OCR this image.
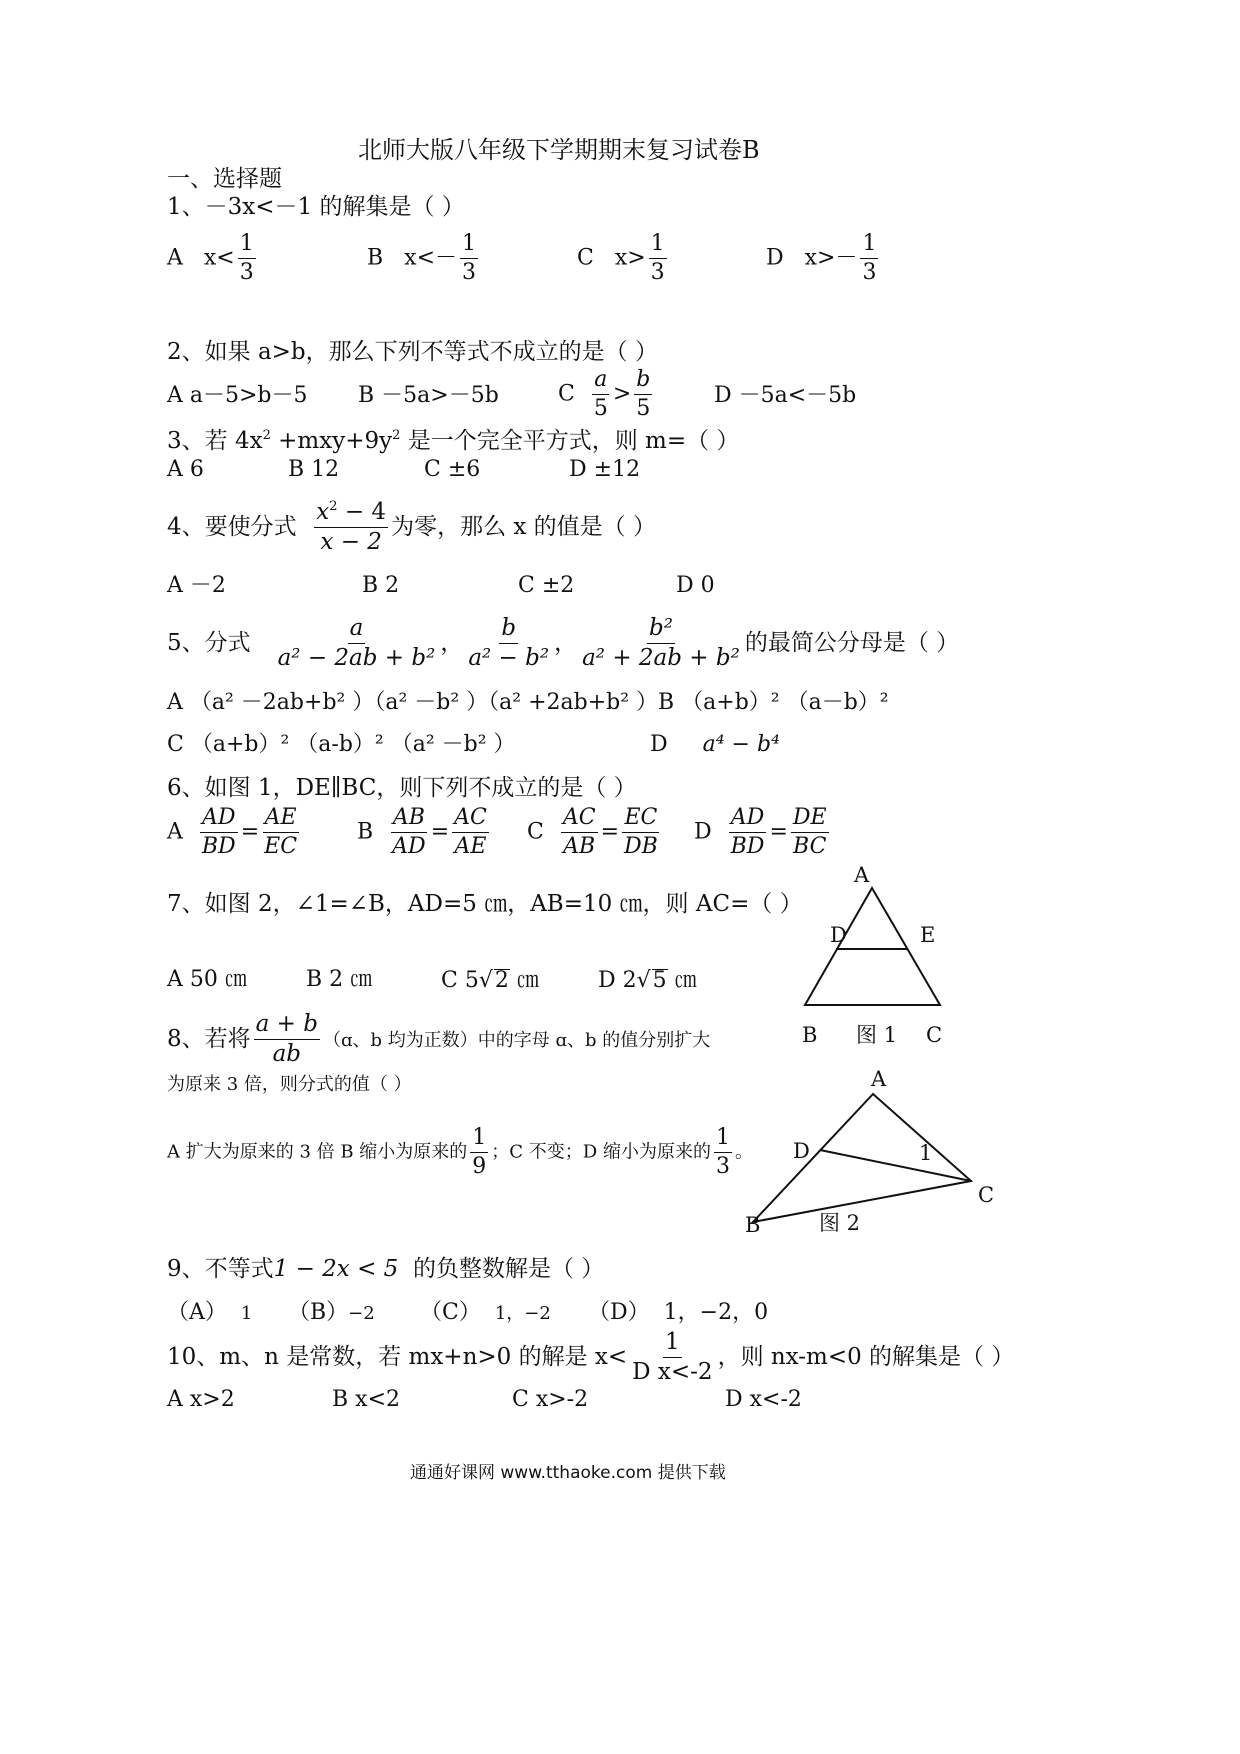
北师大版八年级下学期期末复习试卷B
一、选择题
1、－3x<－1 的解集是（ ）
A $x< \frac{1}{3}$	B $x<- \frac{1}{3}$	C $x> \frac{1}{3}$	D $x>- \frac{1}{3}$
2、如果 a>b，那么下列不等式不成立的是（ ）
A a－5>b－5 B －5a>－5b	C $\frac{a}{5} > \frac{b}{5}$	D －5a<－5b
3、若 $4x^2 +mxy+9y^2$ 是一个完全平方式，则 m=（ ）
A 6	B 12	C ±6	D ±12
4、要使分式 $\frac{x^2 - 4}{x - 2}$ 为零，那么 x 的值是（ ）
A －2	B 2	C ±2	D 0
5、分式 $\frac{a}{\text{a² − 2ab + b²}}$ ， $\frac{b}{\text{a² − b²}}$ ， $\frac{\text{b²}}{\text{a² + 2ab + b²}}$ 的最简公分母是（ ）
A （a² －2ab+b² ）（a² －b² ）（a² +2ab+b² ） B （a+b）² （a－b）²
C （a+b）² （a-b）² （a² －b² ）	D a⁴ − b⁴
6、如图 1，DE∥BC，则下列不成立的是（ ）
A $\frac{AD}{BD} = \frac{AE}{EC}$	B $\frac{AB}{AD} = \frac{AC}{AE}$ C $\frac{AC}{AB} = \frac{EC}{DB}$ D $\frac{AD}{BD} = \frac{DE}{BC}$
7、如图 2，∠1=∠B，AD=5 ㎝，AB=10 ㎝，则 AC=（ ）
A 50 ㎝	B 2 ㎝	C 5√2 ㎝	D 2√5 ㎝
A
D	E
B 图 1 C
8、若将 $\frac{a + b}{ab}$ （ɑ、b 均为正数）中的字母 ɑ、b 的值分别扩大
为原来 3 倍，则分式的值（ ）
A 扩大为原来的 3 倍 B 缩小为原来的 $\frac{1}{9}$ ；C 不变；D 缩小为原来的 $\frac{1}{3}$ 。
A
D	1
C
B	图 2
9、不等式1 − 2x < 5 的负整数解是（ ）
（A） 1 （B）−2 （C） 1，−2 （D） 1，−2，0
10、m、n 是常数，若 mx+n>0 的解是 $x< \frac{1}{\text{D x<-2}}$ ，则 nx-m<0 的解集是（ ）
A x>2	B x<2	C x>-2	D x<-2
通通好课网 www.tthaoke.com 提供下载
